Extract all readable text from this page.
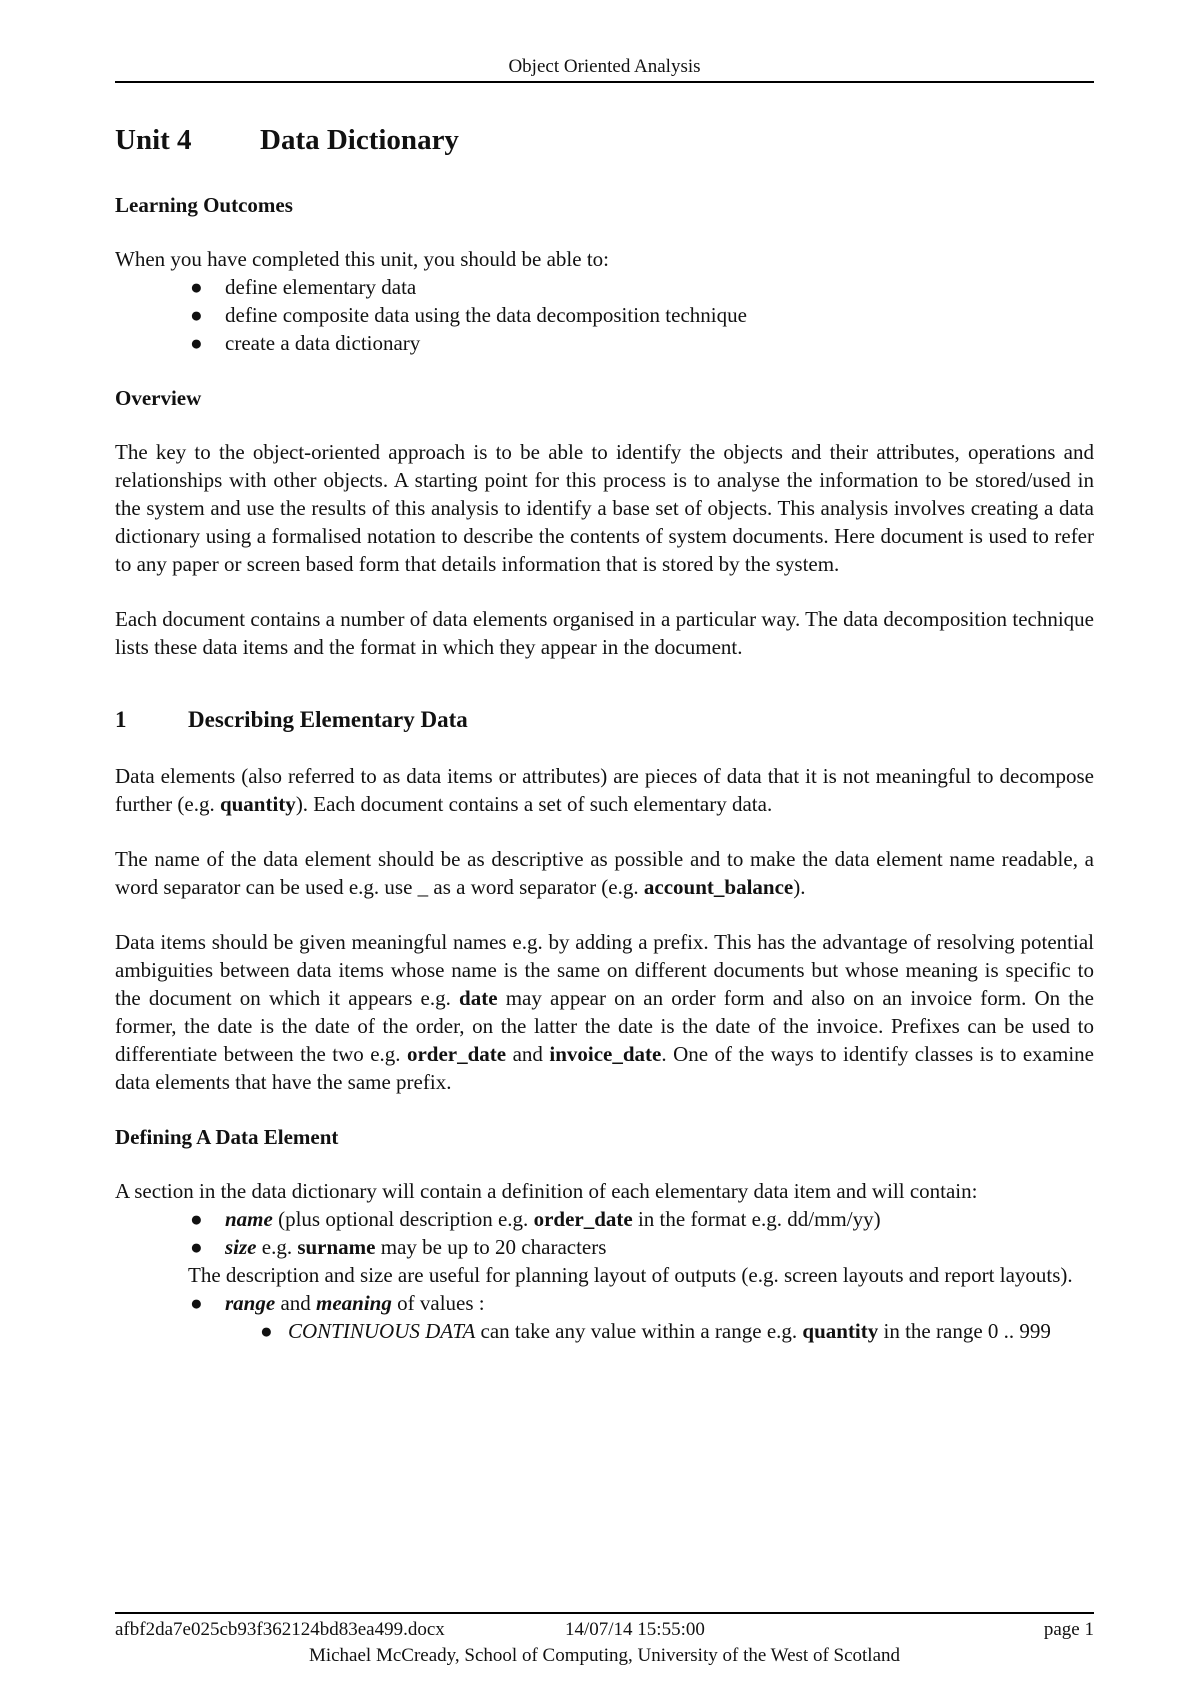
Object Oriented Analysis
Unit 4 Data Dictionary
Learning Outcomes

When you have completed this unit, you should be able to:

● define elementary data
● define composite data using the data decomposition technique
● create a data dictionary
Overview

The key to the object-oriented approach is to be able to identify the objects and their attributes, operations and relationships with other objects. A starting point for this process is to analyse the information to be stored/used in the system and use the results of this analysis to identify a base set of objects. This analysis involves creating a data dictionary using a formalised notation to describe the contents of system documents. Here document is used to refer to any paper or screen based form that details information that is stored by the system.

Each document contains a number of data elements organised in a particular way. The data decomposition technique lists these data items and the format in which they appear in the document.

1	Describing Elementary Data

Data elements (also referred to as data items or attributes) are pieces of data that it is not meaningful to decompose further (e.g. quantity). Each document contains a set of such elementary data.

The name of the data element should be as descriptive as possible and to make the data element name readable, a word separator can be used e.g. use _ as a word separator (e.g. account_balance).

Data items should be given meaningful names e.g. by adding a prefix. This has the advantage of resolving potential ambiguities between data items whose name is the same on different documents but whose meaning is specific to the document on which it appears e.g. date may appear on an order form and also on an invoice form. On the former, the date is the date of the order, on the latter the date is the date of the invoice. Prefixes can be used to differentiate between the two e.g. order_date and invoice_date. One of the ways to identify classes is to examine data elements that have the same prefix.

Defining A Data Element

A section in the data dictionary will contain a definition of each elementary data item and will contain:

● name (plus optional description e.g. order_date in the format e.g. dd/mm/yy)
● size e.g. surname may be up to 20 characters

The description and size are useful for planning layout of outputs (e.g. screen layouts and report layouts).

● range and meaning of values :
● CONTINUOUS DATA can take any value within a range e.g. quantity in the range 0 .. 999
afbf2da7e025cb93f362124bd83ea499.docx	14/07/14 15:55:00	page 1
Michael McCready, School of Computing, University of the West of Scotland
